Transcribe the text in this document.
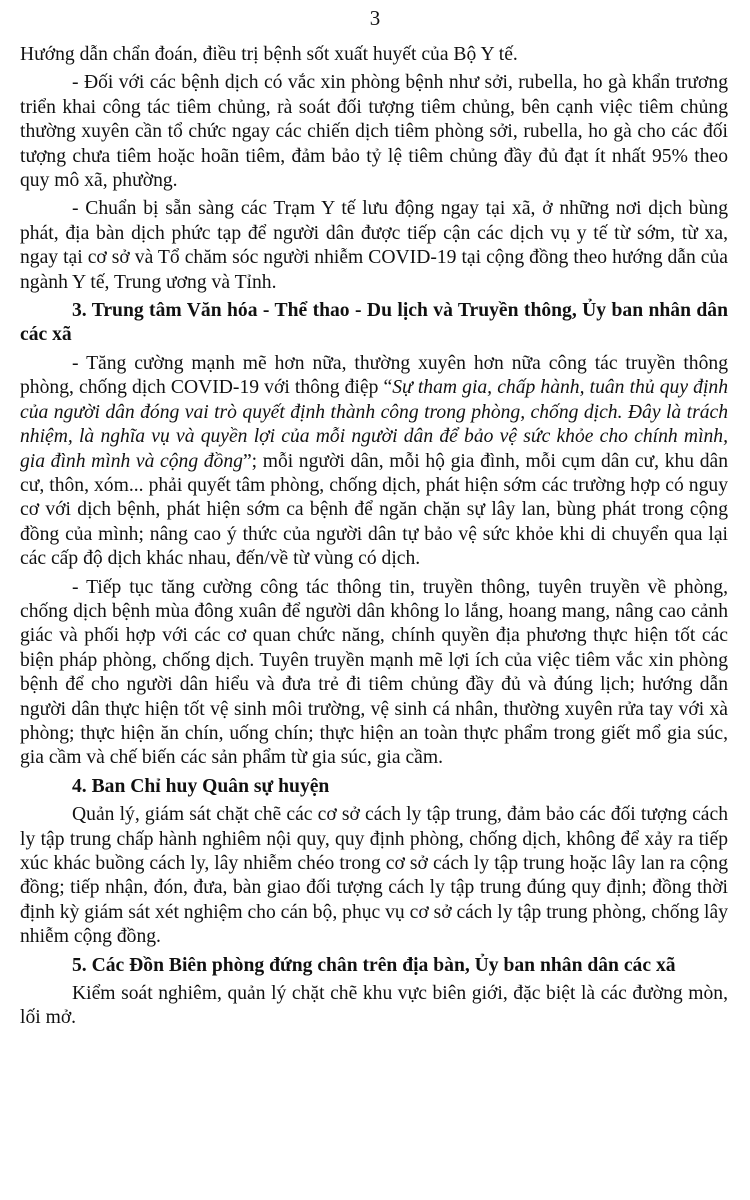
3

Hướng dẫn chẩn đoán, điều trị bệnh sốt xuất huyết của Bộ Y tế.

- Đối với các bệnh dịch có vắc xin phòng bệnh như sởi, rubella, ho gà khẩn trương triển khai công tác tiêm chủng, rà soát đối tượng tiêm chủng, bên cạnh việc tiêm chủng thường xuyên cần tổ chức ngay các chiến dịch tiêm phòng sởi, rubella, ho gà cho các đối tượng chưa tiêm hoặc hoãn tiêm, đảm bảo tỷ lệ tiêm chủng đầy đủ đạt ít nhất 95% theo quy mô xã, phường.

- Chuẩn bị sẵn sàng các Trạm Y tế lưu động ngay tại xã, ở những nơi dịch bùng phát, địa bàn dịch phức tạp để người dân được tiếp cận các dịch vụ y tế từ sớm, từ xa, ngay tại cơ sở và Tổ chăm sóc người nhiễm COVID-19 tại cộng đồng theo hướng dẫn của ngành Y tế, Trung ương và Tỉnh.

3. Trung tâm Văn hóa - Thể thao - Du lịch và Truyền thông, Ủy ban nhân dân các xã

- Tăng cường mạnh mẽ hơn nữa, thường xuyên hơn nữa công tác truyền thông phòng, chống dịch COVID-19 với thông điệp “Sự tham gia, chấp hành, tuân thủ quy định của người dân đóng vai trò quyết định thành công trong phòng, chống dịch. Đây là trách nhiệm, là nghĩa vụ và quyền lợi của mỗi người dân để bảo vệ sức khỏe cho chính mình, gia đình mình và cộng đồng”; mỗi người dân, mỗi hộ gia đình, mỗi cụm dân cư, khu dân cư, thôn, xóm... phải quyết tâm phòng, chống dịch, phát hiện sớm các trường hợp có nguy cơ với dịch bệnh, phát hiện sớm ca bệnh để ngăn chặn sự lây lan, bùng phát trong cộng đồng của mình; nâng cao ý thức của người dân tự bảo vệ sức khỏe khi di chuyển qua lại các cấp độ dịch khác nhau, đến/về từ vùng có dịch.

- Tiếp tục tăng cường công tác thông tin, truyền thông, tuyên truyền về phòng, chống dịch bệnh mùa đông xuân để người dân không lo lắng, hoang mang, nâng cao cảnh giác và phối hợp với các cơ quan chức năng, chính quyền địa phương thực hiện tốt các biện pháp phòng, chống dịch. Tuyên truyền mạnh mẽ lợi ích của việc tiêm vắc xin phòng bệnh để cho người dân hiểu và đưa trẻ đi tiêm chủng đầy đủ và đúng lịch; hướng dẫn người dân thực hiện tốt vệ sinh môi trường, vệ sinh cá nhân, thường xuyên rửa tay với xà phòng; thực hiện ăn chín, uống chín; thực hiện an toàn thực phẩm trong giết mổ gia súc, gia cầm và chế biến các sản phẩm từ gia súc, gia cầm.

4. Ban Chỉ huy Quân sự huyện

Quản lý, giám sát chặt chẽ các cơ sở cách ly tập trung, đảm bảo các đối tượng cách ly tập trung chấp hành nghiêm nội quy, quy định phòng, chống dịch, không để xảy ra tiếp xúc khác buồng cách ly, lây nhiễm chéo trong cơ sở cách ly tập trung hoặc lây lan ra cộng đồng; tiếp nhận, đón, đưa, bàn giao đối tượng cách ly tập trung đúng quy định; đồng thời định kỳ giám sát xét nghiệm cho cán bộ, phục vụ cơ sở cách ly tập trung phòng, chống lây nhiễm cộng đồng.

5. Các Đồn Biên phòng đứng chân trên địa bàn, Ủy ban nhân dân các xã

Kiểm soát nghiêm, quản lý chặt chẽ khu vực biên giới, đặc biệt là các đường mòn, lối mở.
